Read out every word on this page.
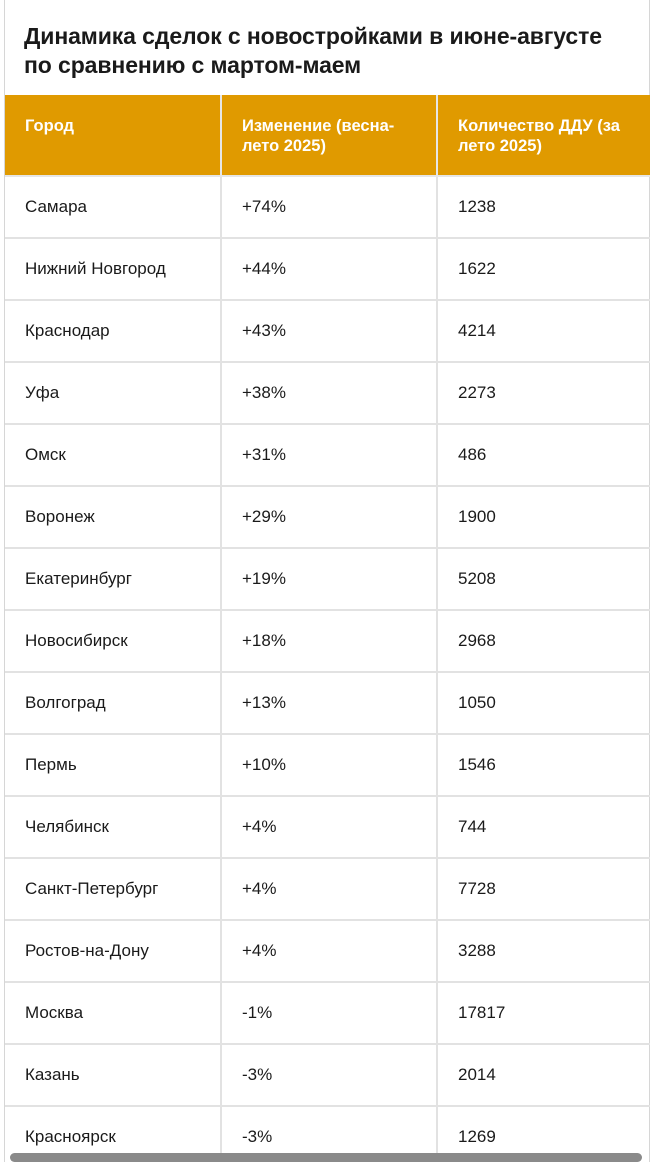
Динамика сделок с новостройками в июне-августе по сравнению с мартом-маем
Город	Изменение (весна-лето 2025)	Количество ДДУ (за лето 2025)
Самара	+74%	1238
Нижний Новгород	+44%	1622
Краснодар	+43%	4214
Уфа	+38%	2273
Омск	+31%	486
Воронеж	+29%	1900
Екатеринбург	+19%	5208
Новосибирск	+18%	2968
Волгоград	+13%	1050
Пермь	+10%	1546
Челябинск	+4%	744
Санкт-Петербург	+4%	7728
Ростов-на-Дону	+4%	3288
Москва	-1%	17817
Казань	-3%	2014
Красноярск	-3%	1269
